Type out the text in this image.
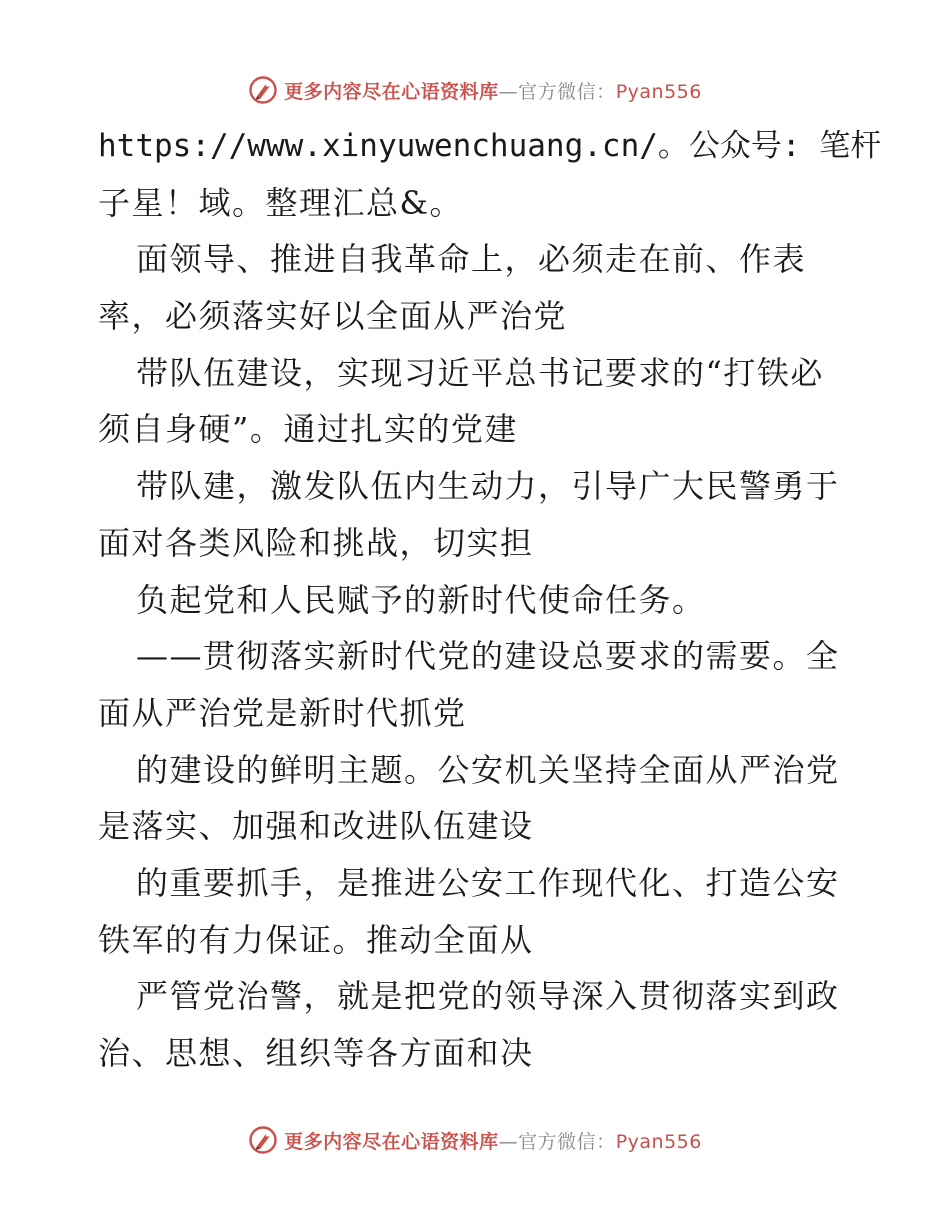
更多内容尽在心语资料库—官方微信：Pyan556
https://www.xinyuwenchuang.cn/。公众号: 笔杆
子星！域。整理汇总&。
面领导、推进自我革命上，必须走在前、作表
率，必须落实好以全面从严治党
带队伍建设，实现习近平总书记要求的“打铁必
须自身硬”。通过扎实的党建
带队建，激发队伍内生动力，引导广大民警勇于
面对各类风险和挑战，切实担
负起党和人民赋予的新时代使命任务。
——贯彻落实新时代党的建设总要求的需要。全
面从严治党是新时代抓党
的建设的鲜明主题。公安机关坚持全面从严治党
是落实、加强和改进队伍建设
的重要抓手，是推进公安工作现代化、打造公安
铁军的有力保证。推动全面从
严管党治警，就是把党的领导深入贯彻落实到政
治、思想、组织等各方面和决
更多内容尽在心语资料库—官方微信：Pyan556
